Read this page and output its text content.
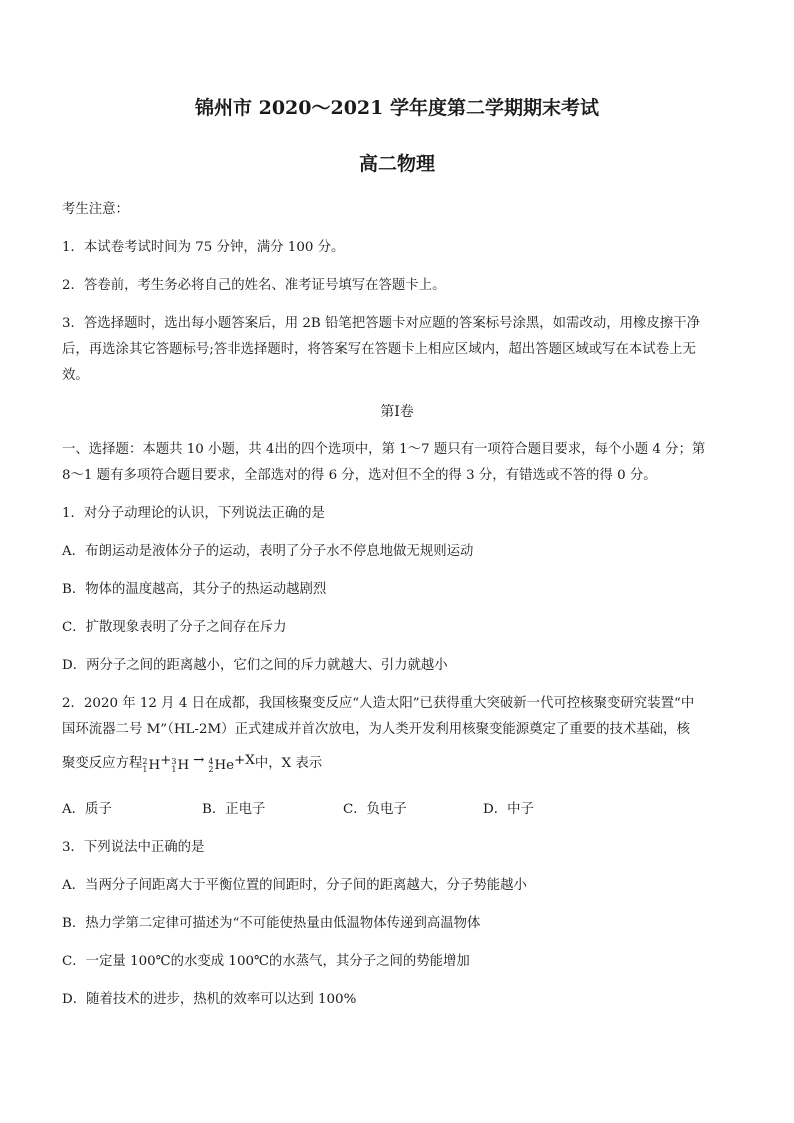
锦州市 2020～2021 学年度第二学期期末考试
高二物理
考生注意：
1．本试卷考试时间为 75 分钟，满分 100 分。
2．答卷前，考生务必将自己的姓名、准考证号填写在答题卡上。
3．答选择题时，选出每小题答案后，用 2B 铅笔把答题卡对应题的答案标号涂黑，如需改动，用橡皮擦干净
后，再选涂其它答题标号;答非选择题时，将答案写在答题卡上相应区域内，超出答题区域或写在本试卷上无
效。
第Ⅰ卷
一、选择题：本题共 10 小题，共 4出的四个选项中，第 1～7 题只有一项符合题目要求，每个小题 4 分；第
8～1 题有多项符合题目要求，全部选对的得 6 分，选对但不全的得 3 分，有错选或不答的得 0 分。
1．对分子动理论的认识，下列说法正确的是
A．布朗运动是液体分子的运动，表明了分子水不停息地做无规则运动
B．物体的温度越高，其分子的热运动越剧烈
C．扩散现象表明了分子之间存在斥力
D．两分子之间的距离越小，它们之间的斥力就越大、引力就越小
2．2020 年 12 月 4 日在成都，我国核聚变反应“人造太阳”已获得重大突破新一代可控核聚变研究装置“中
国环流器二号 M”（HL-2M）正式建成并首次放电，为人类开发利用核聚变能源奠定了重要的技术基础，核
聚变反应方程 2
1 H + 3
1 H → 4
2 He +X中，X 表示
A．质子	B．正电子	C．负电子	D．中子
3．下列说法中正确的是
A．当两分子间距离大于平衡位置的间距时，分子间的距离越大，分子势能越小
B．热力学第二定律可描述为“不可能使热量由低温物体传递到高温物体
C．一定量 100℃的水变成 100℃的水蒸气，其分子之间的势能增加
D．随着技术的进步，热机的效率可以达到 100%
